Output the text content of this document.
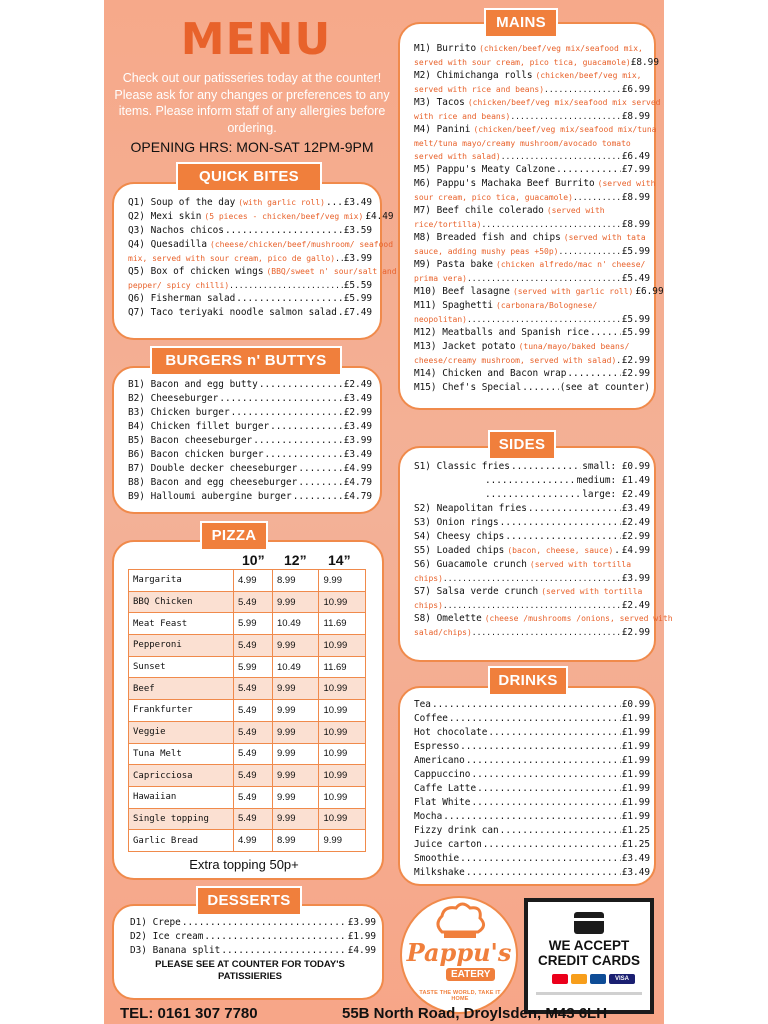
MENU
Check out our patisseries today at the counter! Please ask for any changes or preferences to any items. Please inform staff of any allergies before ordering.
OPENING HRS: MON-SAT 12PM-9PM
Q1) Soup of the day (with garlic roll) ..... £3.49
Q2) Mexi skin (5 pieces - chicken/beef/veg mix) £4.49
Q3) Nachos chicos .....	£3.59
Q4) Quesadilla (cheese/chicken/beef/mushroom/ seafood
mix, served with sour cream, pico de gallo) ..... £3.99
Q5) Box of chicken wings (BBQ/sweet n' sour/salt and
pepper/ spicy chilli) .....	£5.59
Q6) Fisherman salad .....	£5.99
Q7) Taco teriyaki noodle salmon salad ..... £7.49
QUICK BITES
B1) Bacon and egg butty .....	£2.49
B2) Cheeseburger .....	£3.49
B3) Chicken burger .....	£2.99
B4) Chicken fillet burger .....	£3.49
B5) Bacon cheeseburger .....	£3.99
B6) Bacon chicken burger .....	£3.49
B7) Double decker cheeseburger .....	£4.99
B8) Bacon and egg cheeseburger .....	£4.79
B9) Halloumi aubergine burger .....	£4.79
BURGERS n' BUTTYS
PIZZA
10” 12” 14”
Margarita	4.99	8.99	9.99
BBQ Chicken	5.49	9.99	10.99
Meat Feast	5.99	10.49	11.69
Pepperoni	5.49	9.99	10.99
Sunset	5.99	10.49	11.69
Beef	5.49	9.99	10.99
Frankfurter	5.49	9.99	10.99
Veggie	5.49	9.99	10.99
Tuna Melt	5.49	9.99	10.99
Capricciosa	5.49	9.99	10.99
Hawaiian	5.49	9.99	10.99
Single topping	5.49	9.99	10.99
Garlic Bread	4.99	8.99	9.99
Extra topping 50p+
D1) Crepe .....	£3.99
D2) Ice cream .....	£1.99
D3) Banana split .....	£4.99
DESSERTS
PLEASE SEE AT COUNTER FOR TODAY'S PATISSIERIES
M1) Burrito (chicken/beef/veg mix/seafood mix,
served with sour cream, pico tica, guacamole) £8.99
M2) Chimichanga rolls (chicken/beef/veg mix,
served with rice and beans) .....	£6.99
M3) Tacos (chicken/beef/veg mix/seafood mix served
with rice and beans) .....	£8.99
M4) Panini (chicken/beef/veg mix/seafood mix/tuna
melt/tuna mayo/creamy mushroom/avocado tomato
served with salad) .....	£6.49
M5) Pappu's Meaty Calzone .....	£7.99
M6) Pappu's Machaka Beef Burrito (served with
sour cream, pico tica, guacamole) .....	£8.99
M7) Beef chile colerado (served with
rice/tortilla) .....	£8.99
M8) Breaded fish and chips (served with tata
sauce, adding mushy peas +50p) .....	£5.99
M9) Pasta bake (chicken alfredo/mac n' cheese/
prima vera) .....	£5.49
M10) Beef lasagne (served with garlic roll) £6.99
M11) Spaghetti (carbonara/Bolognese/
neopolitan) .....	£5.99
M12) Meatballs and Spanish rice .....	£5.99
M13) Jacket potato (tuna/mayo/baked beans/
cheese/creamy mushroom, served with salad) ..... £2.99
M14) Chicken and Bacon wrap .....	£2.99
M15) Chef's Special .....	(see at counter)
MAINS
S1) Classic fries .....	small: £0.99
.....
medium: £1.49
.....
large: £2.49
S2) Neapolitan fries .....	£3.49
S3) Onion rings .....	£2.49
S4) Cheesy chips .....	£2.99
S5) Loaded chips (bacon, cheese, sauce) ..... £4.99
S6) Guacamole crunch (served with tortilla
chips) .....	£3.99
S7) Salsa verde crunch (served with tortilla
chips) .....	£2.49
S8) Omelette (cheese /mushrooms /onions, served with
salad/chips) .....	£2.99
SIDES
Tea .....	£0.99
Coffee .....	£1.99
Hot chocolate .....	£1.99
Espresso .....	£1.99
Americano .....	£1.99
Cappuccino .....	£1.99
Caffe Latte .....	£1.99
Flat White .....	£1.99
Mocha .....	£1.99
Fizzy drink can .....	£1.25
Juice carton .....	£1.25
Smoothie .....	£3.49
Milkshake .....	£3.49
DRINKS
Pappu's
EATERY
TASTE THE WORLD, TAKE IT HOME
WE ACCEPT CREDIT CARDS
VISA
TEL: 0161 307 7780	55B North Road, Droylsden, M43 6LH
